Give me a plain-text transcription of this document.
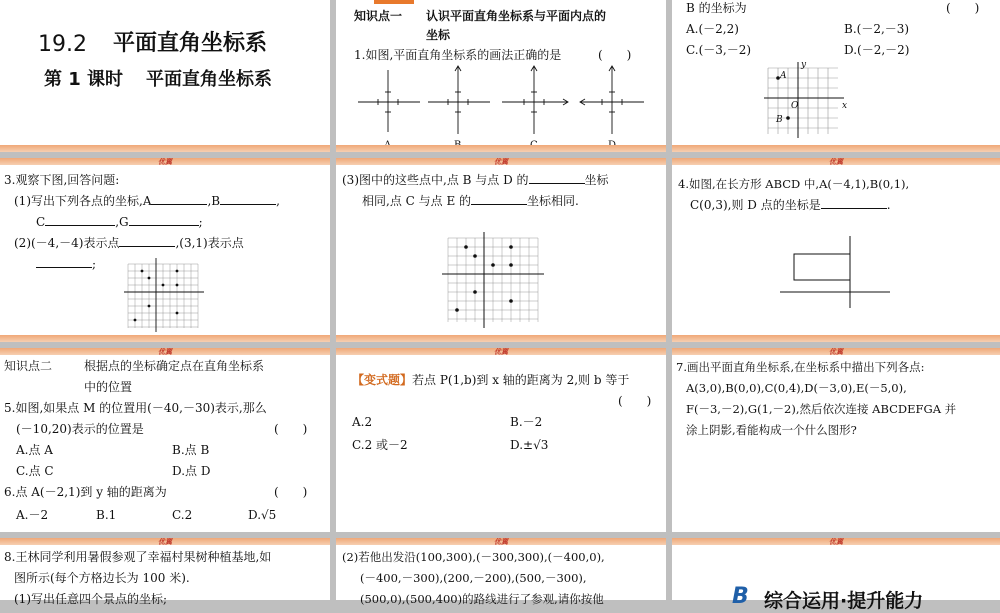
19.2 平面直角坐标系
第 1 课时 平面直角坐标系
知识点一 认识平面直角坐标系与平面内点的
坐标
1.如图,平面直角坐标系的画法正确的是	(　　)
B 的坐标为	(　　)
A.(－2,2)	B.(－2,－3)
C.(－3,－2)	D.(－2,－2)
A
B
O	x
y
优翼
3.观察下图,回答问题:
(1)写出下列各点的坐标,A	,B	,
C	,G	;
(2)(－4,－4)表示点	,(3,1)表示点
;
优翼
(3)图中的这些点中,点 B 与点 D 的	坐标
相同,点 C 与点 E 的	坐标相同.
优翼
4.如图,在长方形 ABCD 中,A(－4,1),B(0,1),
C(0,3),则 D 点的坐标是	.
优翼
知识点二	根据点的坐标确定点在直角坐标系
中的位置
5.如图,如果点 M 的位置用(－40,－30)表示,那么
(－10,20)表示的位置是	(　　)
A.点 A	B.点 B
C.点 C	D.点 D
6.点 A(－2,1)到 y 轴的距离为	(　　)
A.－2	B.1	C.2	D.√5
优翼
【变式题】若点 P(1,b)到 x 轴的距离为 2,则 b 等于
(　　)
A.2	B.－2
C.2 或－2	D.±√3
优翼
7.画出平面直角坐标系,在坐标系中描出下列各点:
A(3,0),B(0,0),C(0,4),D(－3,0),E(－5,0),
F(－3,－2),G(1,－2),然后依次连接 ABCDEFGA 并
涂上阴影,看能构成一个什么图形?
优翼
8.王林同学利用暑假参观了幸福村果树种植基地,如
图所示(每个方格边长为 100 米).
(1)写出任意四个景点的坐标;
优翼
(2)若他出发沿(100,300),(－300,300),(－400,0),
(－400,－300),(200,－200),(500,－300),
(500,0),(500,400)的路线进行了参观,请你按他
优翼
B 综合运用·提升能力
